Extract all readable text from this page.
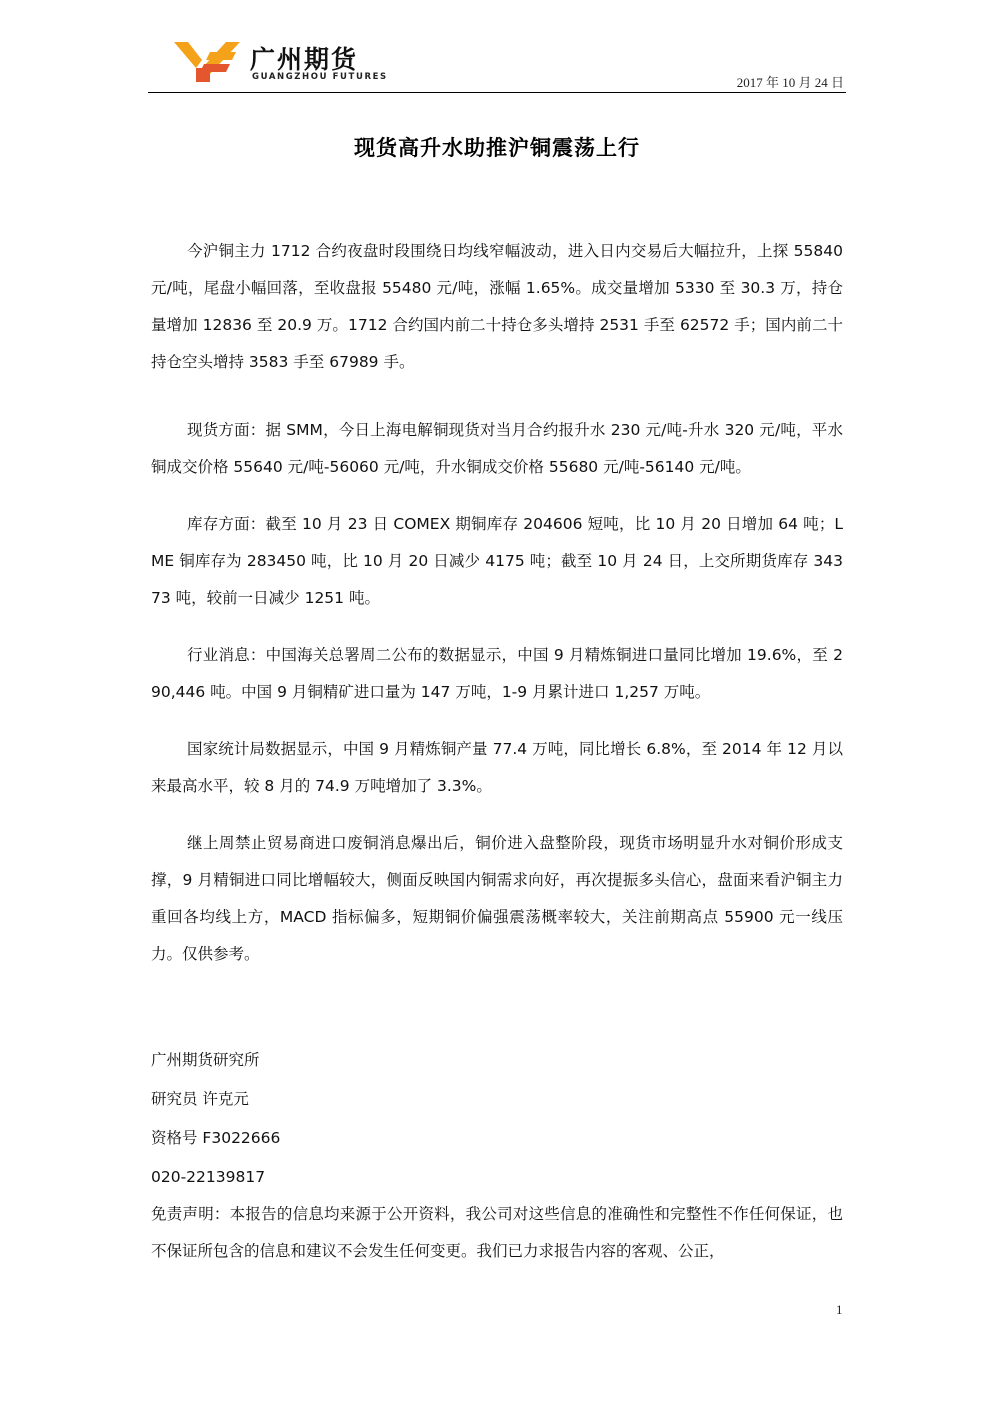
广州期货
GUANGZHOU FUTURES	2017 年 10 月 24 日
现货高升水助推沪铜震荡上行

今沪铜主力 1712 合约夜盘时段围绕日均线窄幅波动，进入日内交易后大幅拉升，上探 55840 元/吨，尾盘小幅回落，至收盘报 55480 元/吨，涨幅 1.65%。成交量增加 5330 至 30.3 万，持仓量增加 12836 至 20.9 万。1712 合约国内前二十持仓多头增持 2531 手至 62572 手；国内前二十持仓空头增持 3583 手至 67989 手。

现货方面：据 SMM，今日上海电解铜现货对当月合约报升水 230 元/吨-升水 320 元/吨，平水铜成交价格 55640 元/吨-56060 元/吨，升水铜成交价格 55680 元/吨-56140 元/吨。

库存方面：截至 10 月 23 日 COMEX 期铜库存 204606 短吨，比 10 月 20 日增加 64 吨；LME 铜库存为 283450 吨，比 10 月 20 日减少 4175 吨；截至 10 月 24 日，上交所期货库存 34373 吨，较前一日减少 1251 吨。

行业消息：中国海关总署周二公布的数据显示，中国 9 月精炼铜进口量同比增加 19.6%，至 290,446 吨。中国 9 月铜精矿进口量为 147 万吨，1-9 月累计进口 1,257 万吨。

国家统计局数据显示，中国 9 月精炼铜产量 77.4 万吨，同比增长 6.8%，至 2014 年 12 月以来最高水平，较 8 月的 74.9 万吨增加了 3.3%。

继上周禁止贸易商进口废铜消息爆出后，铜价进入盘整阶段，现货市场明显升水对铜价形成支撑，9 月精铜进口同比增幅较大，侧面反映国内铜需求向好，再次提振多头信心，盘面来看沪铜主力重回各均线上方，MACD 指标偏多，短期铜价偏强震荡概率较大，关注前期高点 55900 元一线压力。仅供参考。

广州期货研究所

研究员 许克元

资格号 F3022666

020-22139817

免责声明：本报告的信息均来源于公开资料，我公司对这些信息的准确性和完整性不作任何保证，也不保证所包含的信息和建议不会发生任何变更。我们已力求报告内容的客观、公正，

1
